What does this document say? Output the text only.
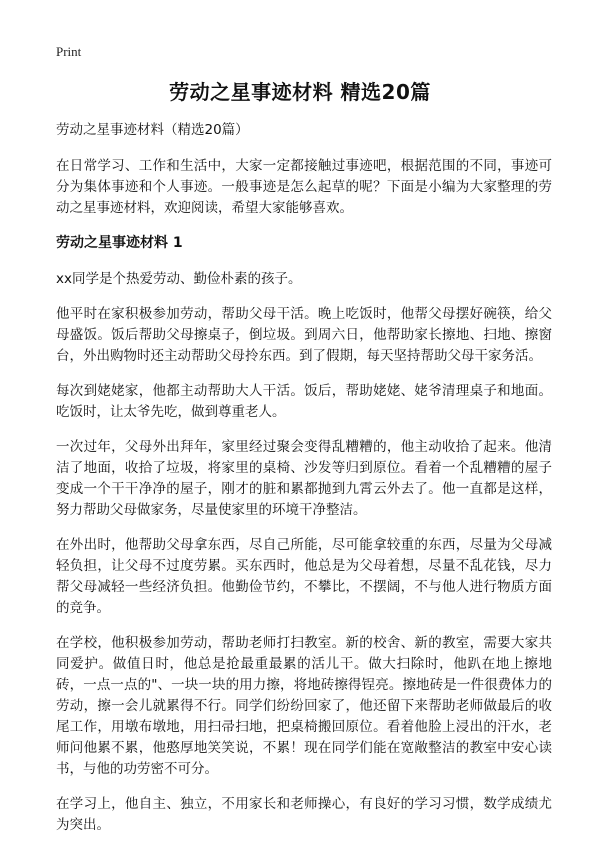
Print
劳动之星事迹材料 精选20篇
劳动之星事迹材料（精选20篇）

在日常学习、工作和生活中，大家一定都接触过事迹吧，根据范围的不同，事迹可分为集体事迹和个人事迹。一般事迹是怎么起草的呢？下面是小编为大家整理的劳动之星事迹材料，欢迎阅读，希望大家能够喜欢。

劳动之星事迹材料 1

xx同学是个热爱劳动、勤俭朴素的孩子。

他平时在家积极参加劳动，帮助父母干活。晚上吃饭时，他帮父母摆好碗筷，给父母盛饭。饭后帮助父母擦桌子，倒垃圾。到周六日，他帮助家长擦地、扫地、擦窗台，外出购物时还主动帮助父母拎东西。到了假期，每天坚持帮助父母干家务活。

每次到姥姥家，他都主动帮助大人干活。饭后，帮助姥姥、姥爷清理桌子和地面。吃饭时，让太爷先吃，做到尊重老人。

一次过年，父母外出拜年，家里经过聚会变得乱糟糟的，他主动收拾了起来。他清洁了地面，收拾了垃圾，将家里的桌椅、沙发等归到原位。看着一个乱糟糟的屋子变成一个干干净净的屋子，刚才的脏和累都抛到九霄云外去了。他一直都是这样，努力帮助父母做家务，尽量使家里的环境干净整洁。

在外出时，他帮助父母拿东西，尽自己所能，尽可能拿较重的东西，尽量为父母减轻负担，让父母不过度劳累。买东西时，他总是为父母着想，尽量不乱花钱，尽力帮父母减轻一些经济负担。他勤俭节约，不攀比，不摆阔，不与他人进行物质方面的竞争。

在学校，他积极参加劳动，帮助老师打扫教室。新的校舍、新的教室，需要大家共同爱护。做值日时，他总是抢最重最累的活儿干。做大扫除时，他趴在地上擦地砖，一点一点的"、一块一块的用力擦，将地砖擦得锃亮。擦地砖是一件很费体力的劳动，擦一会儿就累得不行。同学们纷纷回家了，他还留下来帮助老师做最后的收尾工作，用墩布墩地，用扫帚扫地，把桌椅搬回原位。看着他脸上浸出的汗水，老师问他累不累，他憨厚地笑笑说，不累！现在同学们能在宽敞整洁的教室中安心读书，与他的功劳密不可分。

在学习上，他自主、独立，不用家长和老师操心，有良好的学习习惯，数学成绩尤为突出。
